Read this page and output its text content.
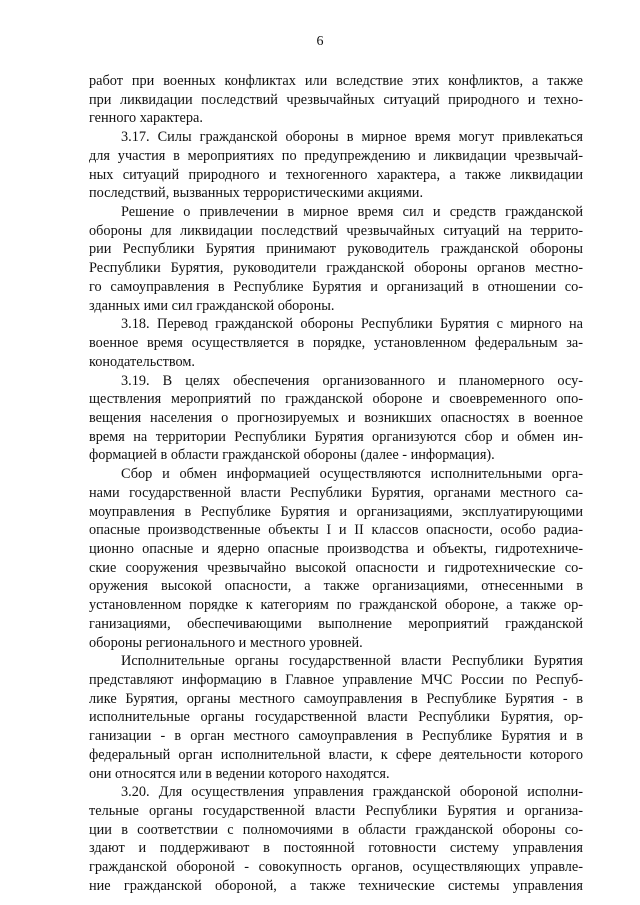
6
работ при военных конфликтах или вследствие этих конфликтов, а также
при ликвидации последствий чрезвычайных ситуаций природного и техно-
генного характера.
3.17. Силы гражданской обороны в мирное время могут привлекаться
для участия в мероприятиях по предупреждению и ликвидации чрезвычай-
ных ситуаций природного и техногенного характера, а также ликвидации
последствий, вызванных террористическими акциями.
Решение о привлечении в мирное время сил и средств гражданской
обороны для ликвидации последствий чрезвычайных ситуаций на террито-
рии Республики Бурятия принимают руководитель гражданской обороны
Республики Бурятия, руководители гражданской обороны органов местно-
го самоуправления в Республике Бурятия и организаций в отношении со-
зданных ими сил гражданской обороны.
3.18. Перевод гражданской обороны Республики Бурятия с мирного на
военное время осуществляется в порядке, установленном федеральным за-
конодательством.
3.19. В целях обеспечения организованного и планомерного осу-
ществления мероприятий по гражданской обороне и своевременного опо-
вещения населения о прогнозируемых и возникших опасностях в военное
время на территории Республики Бурятия организуются сбор и обмен ин-
формацией в области гражданской обороны (далее - информация).
Сбор и обмен информацией осуществляются исполнительными орга-
нами государственной власти Республики Бурятия, органами местного са-
моуправления в Республике Бурятия и организациями, эксплуатирующими
опасные производственные объекты I и II классов опасности, особо радиа-
ционно опасные и ядерно опасные производства и объекты, гидротехниче-
ские сооружения чрезвычайно высокой опасности и гидротехнические со-
оружения высокой опасности, а также организациями, отнесенными в
установленном порядке к категориям по гражданской обороне, а также ор-
ганизациями, обеспечивающими выполнение мероприятий гражданской
обороны регионального и местного уровней.
Исполнительные органы государственной власти Республики Бурятия
представляют информацию в Главное управление МЧС России по Респуб-
лике Бурятия, органы местного самоуправления в Республике Бурятия - в
исполнительные органы государственной власти Республики Бурятия, ор-
ганизации - в орган местного самоуправления в Республике Бурятия и в
федеральный орган исполнительной власти, к сфере деятельности которого
они относятся или в ведении которого находятся.
3.20. Для осуществления управления гражданской обороной исполни-
тельные органы государственной власти Республики Бурятия и организа-
ции в соответствии с полномочиями в области гражданской обороны со-
здают и поддерживают в постоянной готовности систему управления
гражданской обороной - совокупность органов, осуществляющих управле-
ние гражданской обороной, а также технические системы управления
